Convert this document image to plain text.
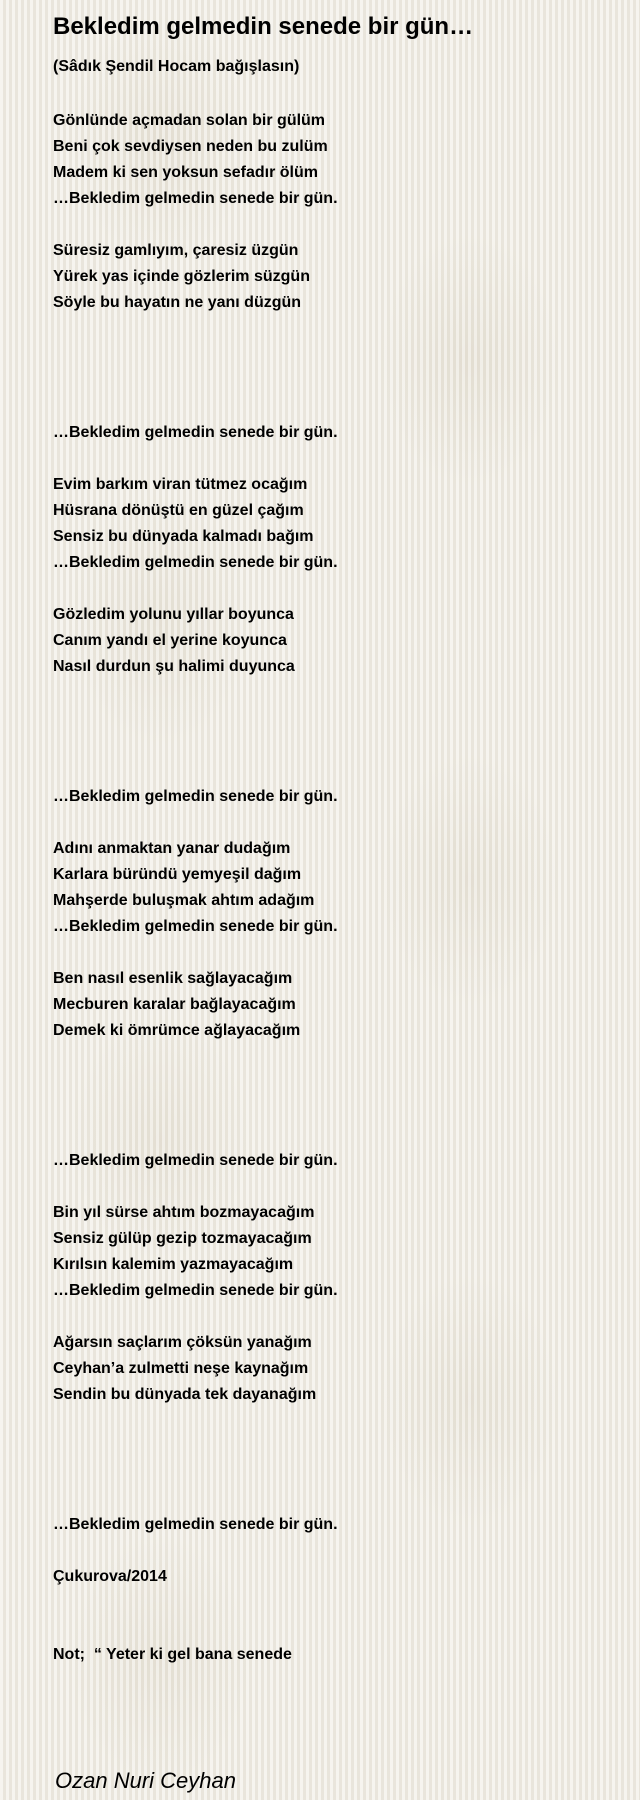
Bekledim gelmedin senede bir gün…

(Sâdık Şendil Hocam bağışlasın)

Gönlünde açmadan solan bir gülüm
Beni çok sevdiysen neden bu zulüm
Madem ki sen yoksun sefadır ölüm
…Bekledim gelmedin senede bir gün.
Süresiz gamlıyım, çaresiz üzgün
Yürek yas içinde gözlerim süzgün
Söyle bu hayatın ne yanı düzgün
…Bekledim gelmedin senede bir gün.
Evim barkım viran tütmez ocağım
Hüsrana dönüştü en güzel çağım
Sensiz bu dünyada kalmadı bağım
…Bekledim gelmedin senede bir gün.
Gözledim yolunu yıllar boyunca
Canım yandı el yerine koyunca
Nasıl durdun şu halimi duyunca
…Bekledim gelmedin senede bir gün.
Adını anmaktan yanar dudağım
Karlara büründü yemyeşil dağım
Mahşerde buluşmak ahtım adağım
…Bekledim gelmedin senede bir gün.
Ben nasıl esenlik sağlayacağım
Mecburen karalar bağlayacağım
Demek ki ömrümce ağlayacağım
…Bekledim gelmedin senede bir gün.
Bin yıl sürse ahtım bozmayacağım
Sensiz gülüp gezip tozmayacağım
Kırılsın kalemim yazmayacağım
…Bekledim gelmedin senede bir gün.
Ağarsın saçlarım çöksün yanağım
Ceyhan’a zulmetti neşe kaynağım
Sendin bu dünyada tek dayanağım
…Bekledim gelmedin senede bir gün.

Çukurova/2014

Not;  “ Yeter ki gel bana senede

Ozan Nuri Ceyhan
